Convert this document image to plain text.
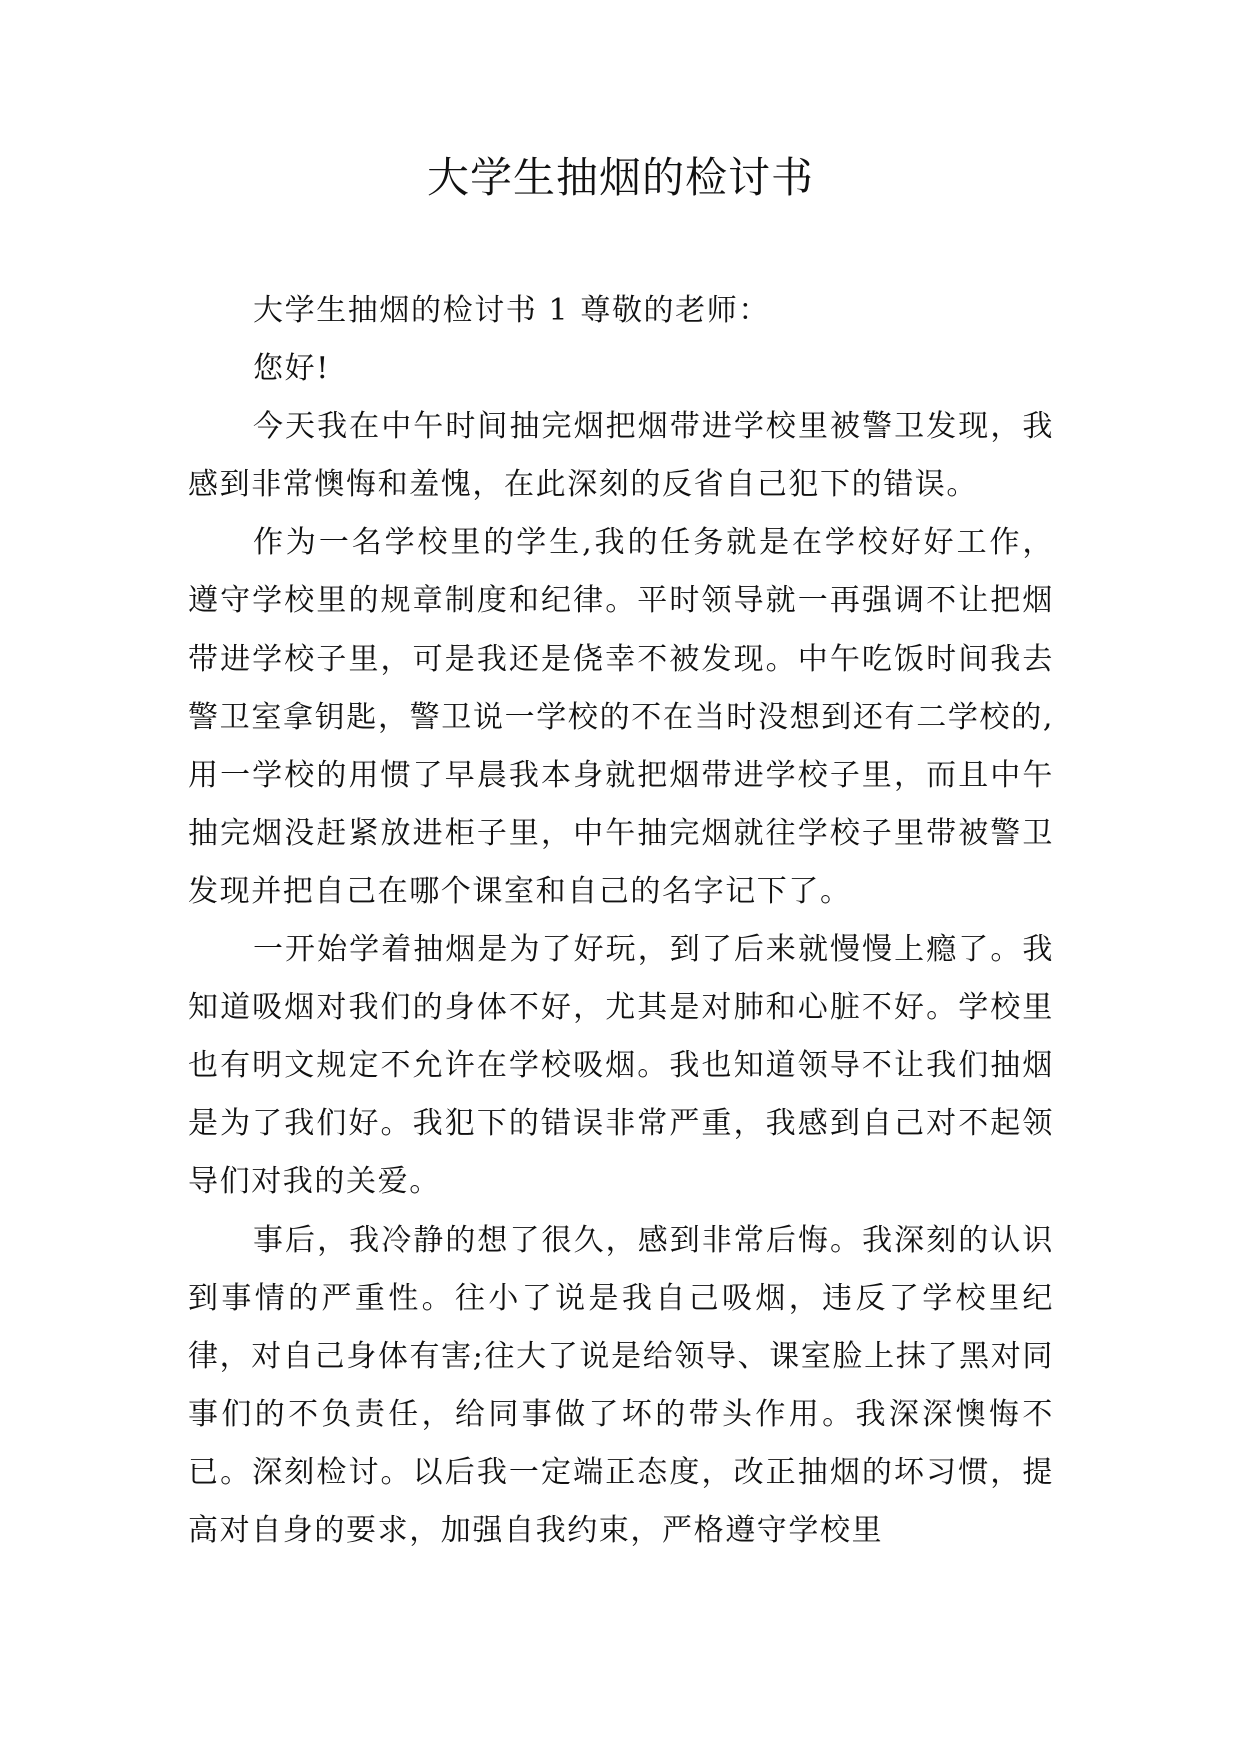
大学生抽烟的检讨书

大学生抽烟的检讨书 1 尊敬的老师：

您好!

今天我在中午时间抽完烟把烟带进学校里被警卫发现，我感到非常懊悔和羞愧，在此深刻的反省自己犯下的错误。

作为一名学校里的学生,我的任务就是在学校好好工作，遵守学校里的规章制度和纪律。平时领导就一再强调不让把烟带进学校子里，可是我还是侥幸不被发现。中午吃饭时间我去警卫室拿钥匙，警卫说一学校的不在当时没想到还有二学校的,用一学校的用惯了早晨我本身就把烟带进学校子里，而且中午抽完烟没赶紧放进柜子里，中午抽完烟就往学校子里带被警卫发现并把自己在哪个课室和自己的名字记下了。

一开始学着抽烟是为了好玩，到了后来就慢慢上瘾了。我知道吸烟对我们的身体不好，尤其是对肺和心脏不好。学校里也有明文规定不允许在学校吸烟。我也知道领导不让我们抽烟是为了我们好。我犯下的错误非常严重，我感到自己对不起领导们对我的关爱。

事后，我冷静的想了很久，感到非常后悔。我深刻的认识到事情的严重性。往小了说是我自己吸烟，违反了学校里纪律，对自己身体有害;往大了说是给领导、课室脸上抹了黑对同事们的不负责任，给同事做了坏的带头作用。我深深懊悔不已。深刻检讨。以后我一定端正态度，改正抽烟的坏习惯，提高对自身的要求，加强自我约束，严格遵守学校里
